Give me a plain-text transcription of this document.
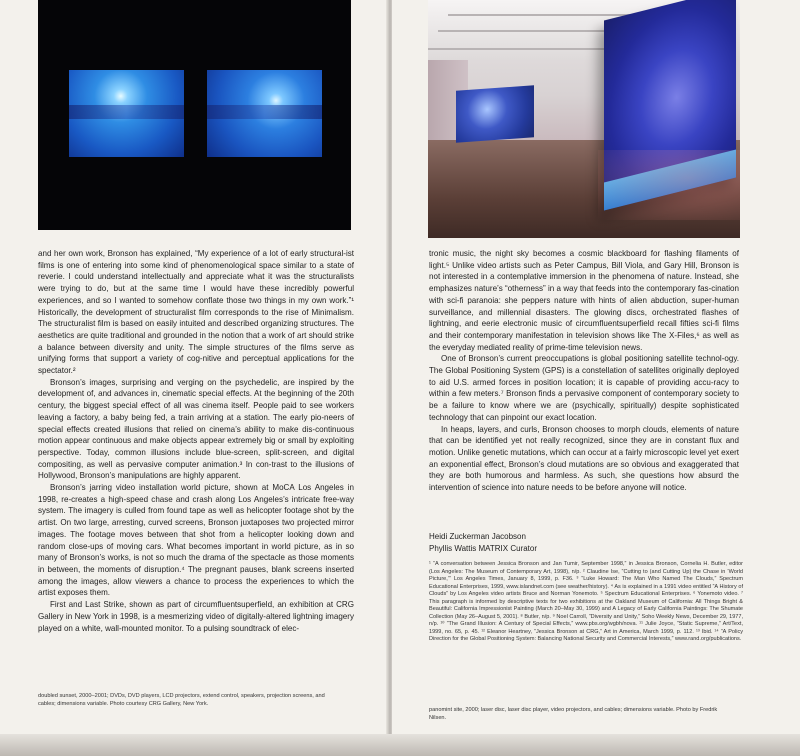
and her own work, Bronson has explained, “My experience of a lot of early structural-ist films is one of entering into some kind of phenomenological space similar to a state of reverie. I could understand intellectually and appreciate what it was the structuralists were trying to do, but at the same time I would have these incredibly powerful experiences, and so I wanted to somehow conflate those two things in my own work.”¹ Historically, the development of structuralist film corresponds to the rise of Minimalism. The structuralist film is based on easily intuited and described organizing structures. The aesthetics are quite traditional and grounded in the notion that a work of art should strike a balance between diversity and unity. The simple structures of the films serve as unifying forms that support a variety of cog-nitive and perceptual applications for the spectator.²

Bronson’s images, surprising and verging on the psychedelic, are inspired by the development of, and advances in, cinematic special effects. At the beginning of the 20th century, the biggest special effect of all was cinema itself. People paid to see workers leaving a factory, a baby being fed, a train arriving at a station. The early pio-neers of special effects created illusions that relied on cinema’s ability to make dis-continuous motion appear continuous and make objects appear extremely big or small by exploiting perspective. Today, common illusions include blue-screen, split-screen, and digital compositing, as well as pervasive computer animation.³ In con-trast to the illusions of Hollywood, Bronson’s manipulations are highly apparent.

Bronson’s jarring video installation world picture, shown at MoCA Los Angeles in 1998, re-creates a high-speed chase and crash along Los Angeles’s intricate free-way system. The imagery is culled from found tape as well as helicopter footage shot by the artist. On two large, arresting, curved screens, Bronson juxtaposes two projected mirror images. The footage moves between that shot from a helicopter looking down and random close-ups of moving cars. What becomes important in world picture, as in so many of Bronson’s works, is not so much the drama of the spectacle as those moments in between, the moments of disruption.⁴ The pregnant pauses, blank screens inserted among the images, allow viewers a chance to process the experiences to which the artist exposes them.

First and Last Strike, shown as part of circumfluentsuperfield, an exhibition at CRG Gallery in New York in 1998, is a mesmerizing video of digitally-altered lightning imagery played on a white, wall-mounted monitor. To a pulsing soundtrack of elec-

doubled sunset, 2000–2001; DVDs, DVD players, LCD projectors, extend control, speakers, projection screens, and cables; dimensions variable. Photo courtesy CRG Gallery, New York.

tronic music, the night sky becomes a cosmic blackboard for flashing filaments of light.⁵ Unlike video artists such as Peter Campus, Bill Viola, and Gary Hill, Bronson is not interested in a contemplative immersion in the phenomena of nature. Instead, she emphasizes nature’s “otherness” in a way that feeds into the contemporary fas-cination with sci-fi paranoia: she peppers nature with hints of alien abduction, super-human surveillance, and millennial disasters. The glowing discs, orchestrated flashes of lightning, and eerie electronic music of circumfluentsuperfield recall fifties sci-fi films and their contemporary manifestation in television shows like The X-Files,⁶ as well as the everyday mediated reality of prime-time television news.

One of Bronson’s current preoccupations is global positioning satellite technol-ogy. The Global Positioning System (GPS) is a constellation of satellites originally deployed to aid U.S. armed forces in position location; it is capable of providing accu-racy to within a few meters.⁷ Bronson finds a pervasive component of contemporary society to be a failure to know where we are (psychically, spiritually) despite sophisticated technology that can pinpoint our exact location.

In heaps, layers, and curls, Bronson chooses to morph clouds, elements of nature that can be identified yet not really recognized, since they are in constant flux and motion. Unlike genetic mutations, which can occur at a fairly microscopic level yet exert an exponential effect, Bronson’s cloud mutations are so obvious and exaggerated that they are both humorous and harmless. As such, she questions how absurd the intervention of science into nature needs to be before anyone will notice.

Heidi Zuckerman Jacobson
Phyllis Wattis MATRIX Curator
¹ “A conversation between Jessica Bronson and Jan Tumir, September 1998,” in Jessica Bronson, Cornelia H. Butler, editor (Los Angeles: The Museum of Contemporary Art, 1998), n/p. ² Claudine Ise, “Cutting to (and Cutting Up) the Chase in ‘World Picture,’” Los Angeles Times, January 8, 1999, p. F36. ³ “Luke Howard: The Man Who Named The Clouds,” Spectrum Educational Enterprises, 1999, www.islandnet.com (see weather/history). ⁴ As is explained in a 1991 video entitled “A History of Clouds” by Los Angeles video artists Bruce and Norman Yonemoto. ⁵ Spectrum Educational Enterprises. ⁶ Yonemoto video. ⁷ This paragraph is informed by descriptive texts for two exhibitions at the Oakland Museum of California: All Things Bright & Beautiful: California Impressionist Painting (March 20–May 30, 1999) and A Legacy of Early California Paintings: The Shumate Collection (May 26–August 5, 2001). ⁸ Butler, n/p. ⁹ Noel Carroll, “Diversity and Unity,” Soho Weekly News, December 29, 1977, n/p. ¹⁰ “The Grand Illusion: A Century of Special Effects,” www.pbs.org/wgbh/nova. ¹¹ Julie Joyce, “Static Supreme,” Art/Text, 1999, no. 65, p. 45. ¹² Eleanor Heartney, “Jessica Bronson at CRG,” Art in America, March 1999, p. 112. ¹³ Ibid. ¹⁴ “A Policy Direction for the Global Positioning System: Balancing National Security and Commercial Interests,” www.rand.org/publications.
panomint site, 2000; laser disc, laser disc player, video projectors, and cables; dimensions variable. Photo by Fredrik Nilsen.
